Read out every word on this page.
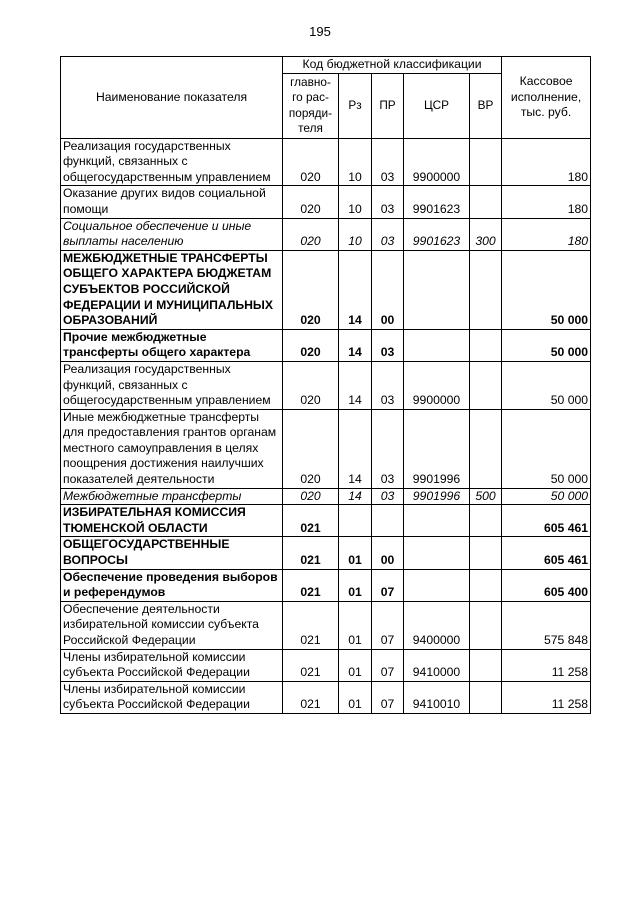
195
Наименование показателя	Код бюджетной классификации					Кассовое исполнение, тыс. руб.
	главно-го рас-поряди-теля	Рз	ПР	ЦСР	ВР	
Реализация государственных функций, связанных с общегосударственным управлением	020	10	03	9900000		180
Оказание других видов социальной помощи	020	10	03	9901623		180
Социальное обеспечение и иные выплаты населению	020	10	03	9901623	300	180
МЕЖБЮДЖЕТНЫЕ ТРАНСФЕРТЫ ОБЩЕГО ХАРАКТЕРА БЮДЖЕТАМ СУБЪЕКТОВ РОССИЙСКОЙ ФЕДЕРАЦИИ И МУНИЦИПАЛЬНЫХ ОБРАЗОВАНИЙ	020	14	00			50 000
Прочие межбюджетные трансферты общего характера	020	14	03			50 000
Реализация государственных функций, связанных с общегосударственным управлением	020	14	03	9900000		50 000
Иные межбюджетные трансферты для предоставления грантов органам местного самоуправления в целях поощрения достижения наилучших показателей деятельности	020	14	03	9901996		50 000
Межбюджетные трансферты	020	14	03	9901996	500	50 000
ИЗБИРАТЕЛЬНАЯ КОМИССИЯ ТЮМЕНСКОЙ ОБЛАСТИ	021					605 461
ОБЩЕГОСУДАРСТВЕННЫЕ ВОПРОСЫ	021	01	00			605 461
Обеспечение проведения выборов и референдумов	021	01	07			605 400
Обеспечение деятельности избирательной комиссии субъекта Российской Федерации	021	01	07	9400000		575 848
Члены избирательной комиссии субъекта Российской Федерации	021	01	07	9410000		11 258
Члены избирательной комиссии субъекта Российской Федерации	021	01	07	9410010		11 258
